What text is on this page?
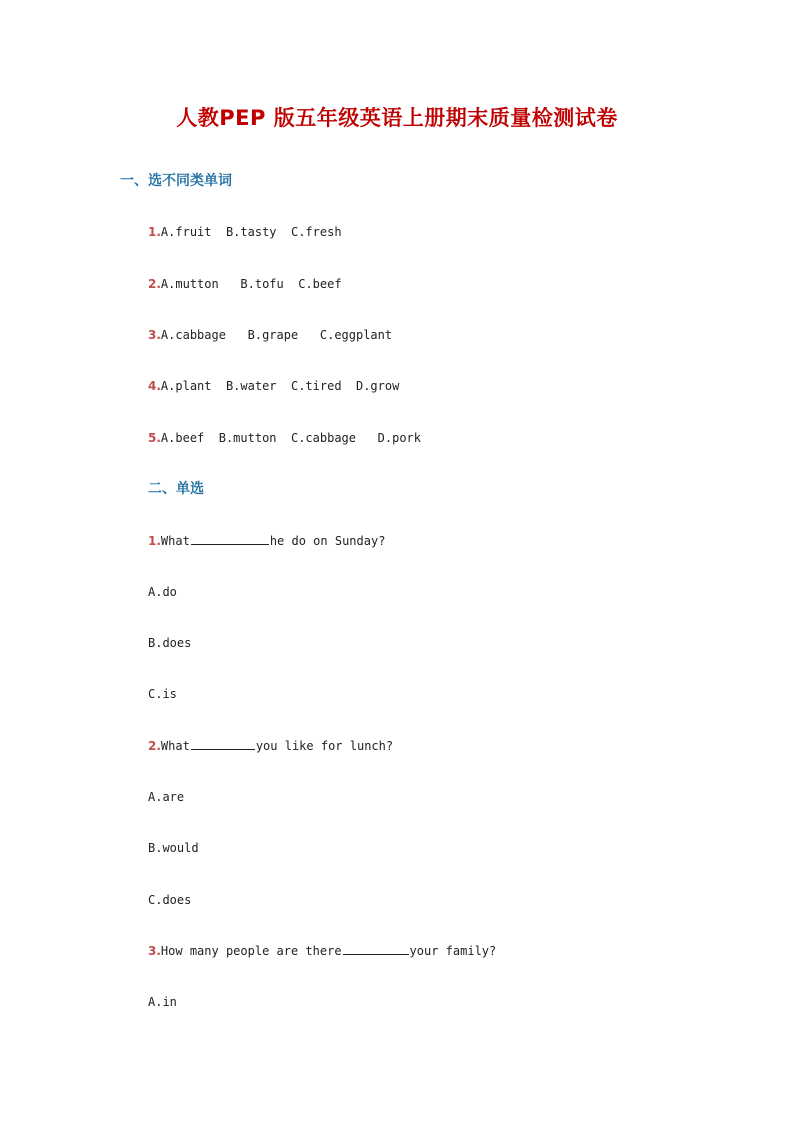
人教PEP 版五年级英语上册期末质量检测试卷
一、选不同类单词
1.A.fruit  B.tasty  C.fresh
2.A.mutton   B.tofu  C.beef
3.A.cabbage   B.grape   C.eggplant
4.A.plant  B.water  C.tired  D.grow
5.A.beef  B.mutton  C.cabbage   D.pork
二、单选
1.What	he do on Sunday?
A.do
B.does
C.is
2.What	you like for lunch?
A.are
B.would
C.does
3.How many people are there	your family?
A.in
